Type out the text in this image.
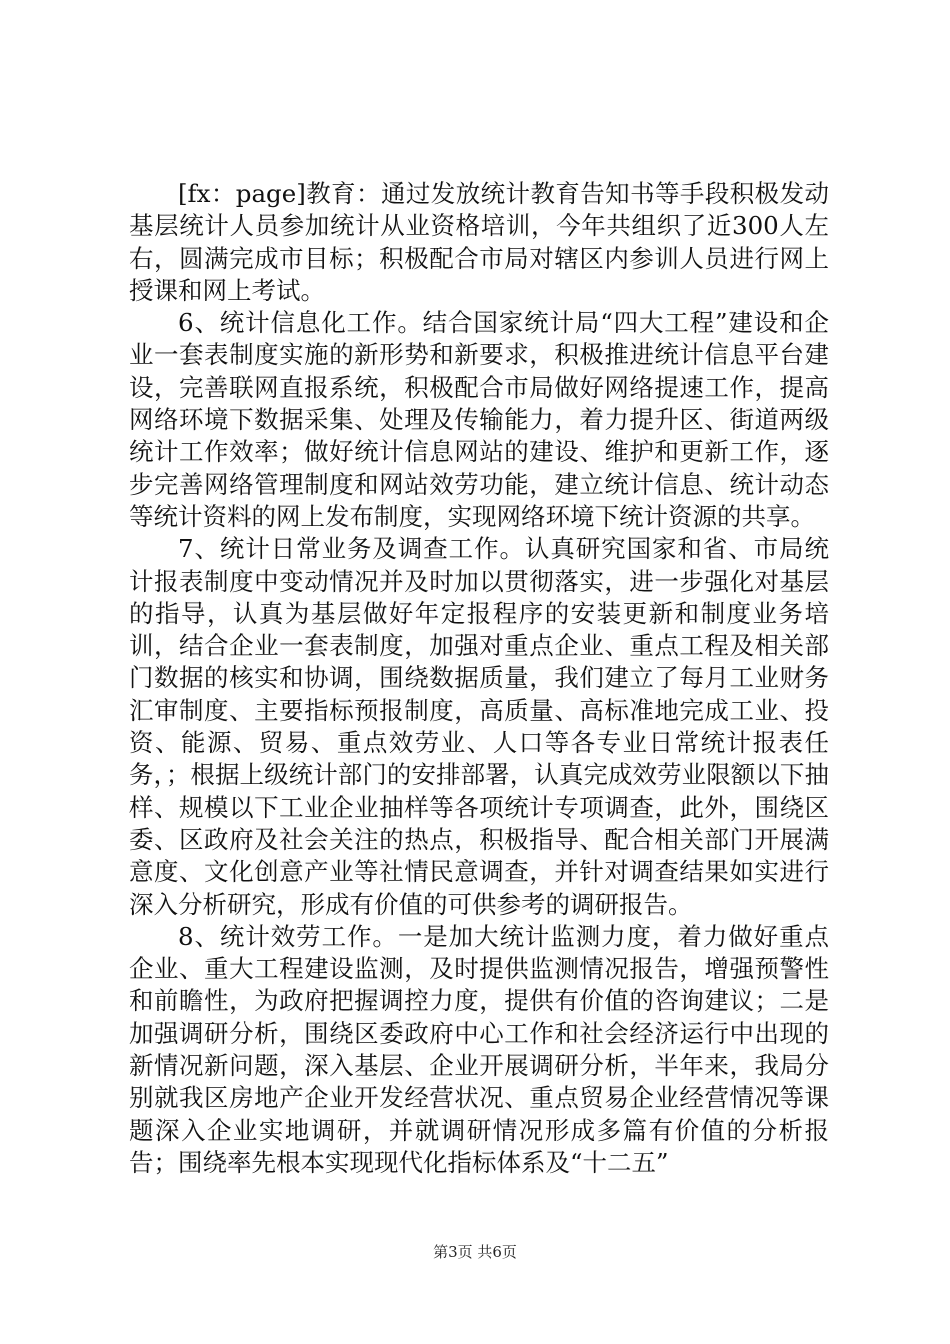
[fx：page]教育：通过发放统计教育告知书等手段积极发动基层统计人员参加统计从业资格培训，今年共组织了近300人左右，圆满完成市目标；积极配合市局对辖区内参训人员进行网上授课和网上考试。

6、统计信息化工作。结合国家统计局“四大工程”建设和企业一套表制度实施的新形势和新要求，积极推进统计信息平台建设，完善联网直报系统，积极配合市局做好网络提速工作，提高网络环境下数据采集、处理及传输能力，着力提升区、街道两级统计工作效率；做好统计信息网站的建设、维护和更新工作，逐步完善网络管理制度和网站效劳功能，建立统计信息、统计动态等统计资料的网上发布制度，实现网络环境下统计资源的共享。

7、统计日常业务及调查工作。认真研究国家和省、市局统计报表制度中变动情况并及时加以贯彻落实，进一步强化对基层的指导，认真为基层做好年定报程序的安装更新和制度业务培训，结合企业一套表制度，加强对重点企业、重点工程及相关部门数据的核实和协调，围绕数据质量，我们建立了每月工业财务汇审制度、主要指标预报制度，高质量、高标准地完成工业、投资、能源、贸易、重点效劳业、人口等各专业日常统计报表任务，；根据上级统计部门的安排部署，认真完成效劳业限额以下抽样、规模以下工业企业抽样等各项统计专项调查，此外，围绕区委、区政府及社会关注的热点，积极指导、配合相关部门开展满意度、文化创意产业等社情民意调查，并针对调查结果如实进行深入分析研究，形成有价值的可供参考的调研报告。

8、统计效劳工作。一是加大统计监测力度，着力做好重点企业、重大工程建设监测，及时提供监测情况报告，增强预警性和前瞻性，为政府把握调控力度，提供有价值的咨询建议；二是加强调研分析，围绕区委政府中心工作和社会经济运行中出现的新情况新问题，深入基层、企业开展调研分析，半年来，我局分别就我区房地产企业开发经营状况、重点贸易企业经营情况等课题深入企业实地调研，并就调研情况形成多篇有价值的分析报告；围绕率先根本实现现代化指标体系及“十二五”

第3页 共6页
